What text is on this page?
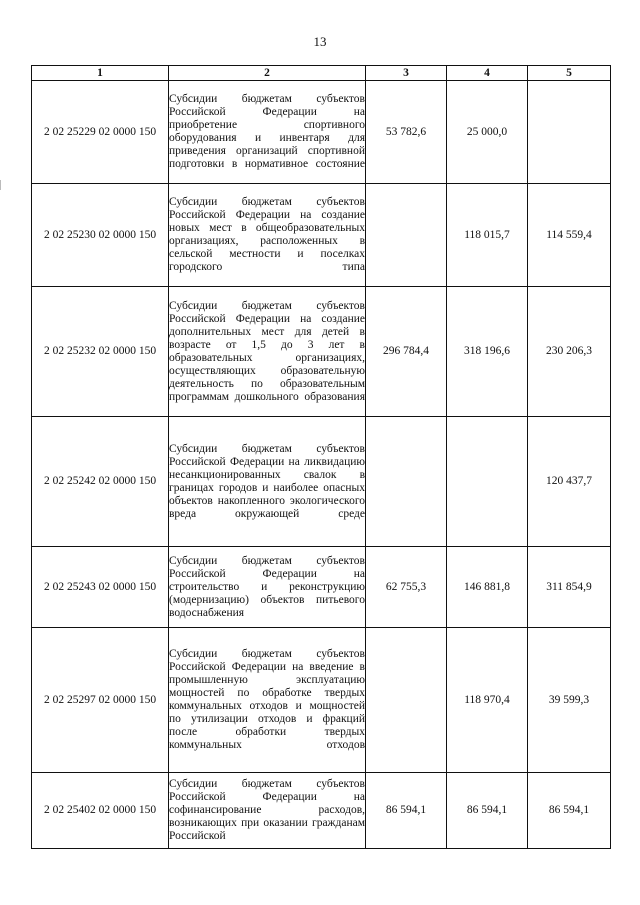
13
1	2	3	4	5
2 02 25229 02 0000 150	Субсидии бюджетам субъектов Российской Федерации на приобретение спортивного оборудования и инвентаря для приведения организаций спортивной подготовки в нормативное состояние	53 782,6	25 000,0	
2 02 25230 02 0000 150	Субсидии бюджетам субъектов Российской Федерации на создание новых мест в общеобразовательных организациях, расположенных в сельской местности и поселках городского типа		118 015,7	114 559,4
2 02 25232 02 0000 150	Субсидии бюджетам субъектов Российской Федерации на создание дополнительных мест для детей в возрасте от 1,5 до 3 лет в образовательных организациях, осуществляющих образовательную деятельность по образовательным программам дошкольного образования	296 784,4	318 196,6	230 206,3
2 02 25242 02 0000 150	Субсидии бюджетам субъектов Российской Федерации на ликвидацию несанкционированных свалок в границах городов и наиболее опасных объектов накопленного экологического вреда окружающей среде			120 437,7
2 02 25243 02 0000 150	Субсидии бюджетам субъектов Российской Федерации на строительство и реконструкцию (модернизацию) объектов питьевого водоснабжения	62 755,3	146 881,8	311 854,9
2 02 25297 02 0000 150	Субсидии бюджетам субъектов Российской Федерации на введение в промышленную эксплуатацию мощностей по обработке твердых коммунальных отходов и мощностей по утилизации отходов и фракций после обработки твердых коммунальных отходов		118 970,4	39 599,3
2 02 25402 02 0000 150	Субсидии бюджетам субъектов Российской Федерации на софинансирование расходов, возникающих при оказании гражданам Российской	86 594,1	86 594,1	86 594,1
